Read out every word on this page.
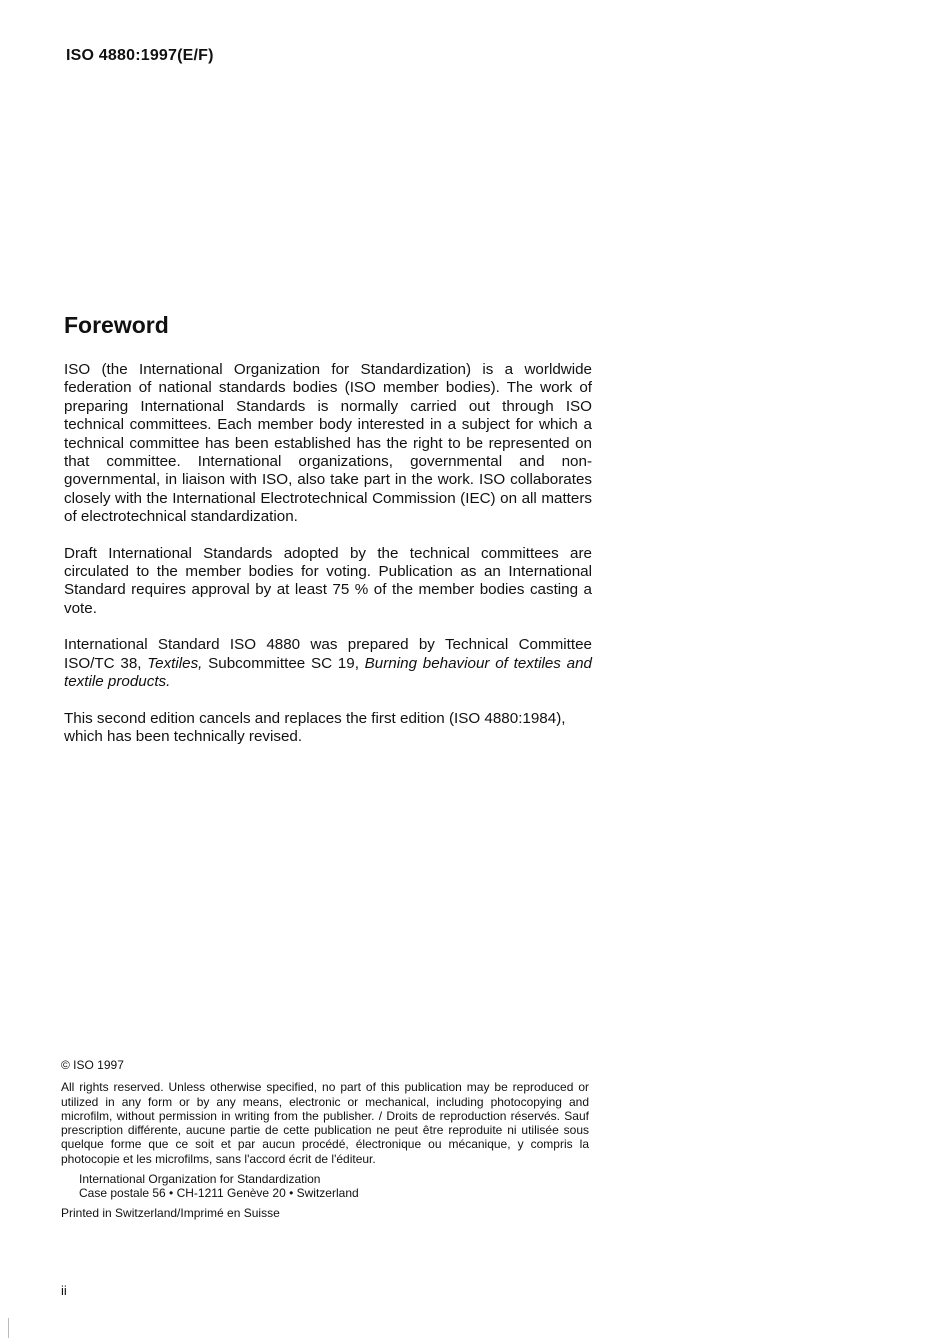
ISO 4880:1997(E/F)
Foreword

ISO (the International Organization for Standardization) is a worldwide federation of national standards bodies (ISO member bodies). The work of preparing International Standards is normally carried out through ISO technical committees. Each member body interested in a subject for which a technical committee has been established has the right to be represented on that committee. International organizations, governmental and non-governmental, in liaison with ISO, also take part in the work. ISO collaborates closely with the International Electrotechnical Commission (IEC) on all matters of electrotechnical standardization.

Draft International Standards adopted by the technical committees are circulated to the member bodies for voting. Publication as an International Standard requires approval by at least 75 % of the member bodies casting a vote.

International Standard ISO 4880 was prepared by Technical Committee ISO/TC 38, Textiles, Subcommittee SC 19, Burning behaviour of textiles and textile products.

This second edition cancels and replaces the first edition (ISO 4880:1984), which has been technically revised.

© ISO 1997
All rights reserved. Unless otherwise specified, no part of this publication may be reproduced or utilized in any form or by any means, electronic or mechanical, including photocopying and microfilm, without permission in writing from the publisher. / Droits de reproduction réservés. Sauf prescription différente, aucune partie de cette publication ne peut être reproduite ni utilisée sous quelque forme que ce soit et par aucun procédé, électronique ou mécanique, y compris la photocopie et les microfilms, sans l'accord écrit de l'éditeur.
International Organization for Standardization
Case postale 56 • CH-1211 Genève 20 • Switzerland
Printed in Switzerland/Imprimé en Suisse
ii
